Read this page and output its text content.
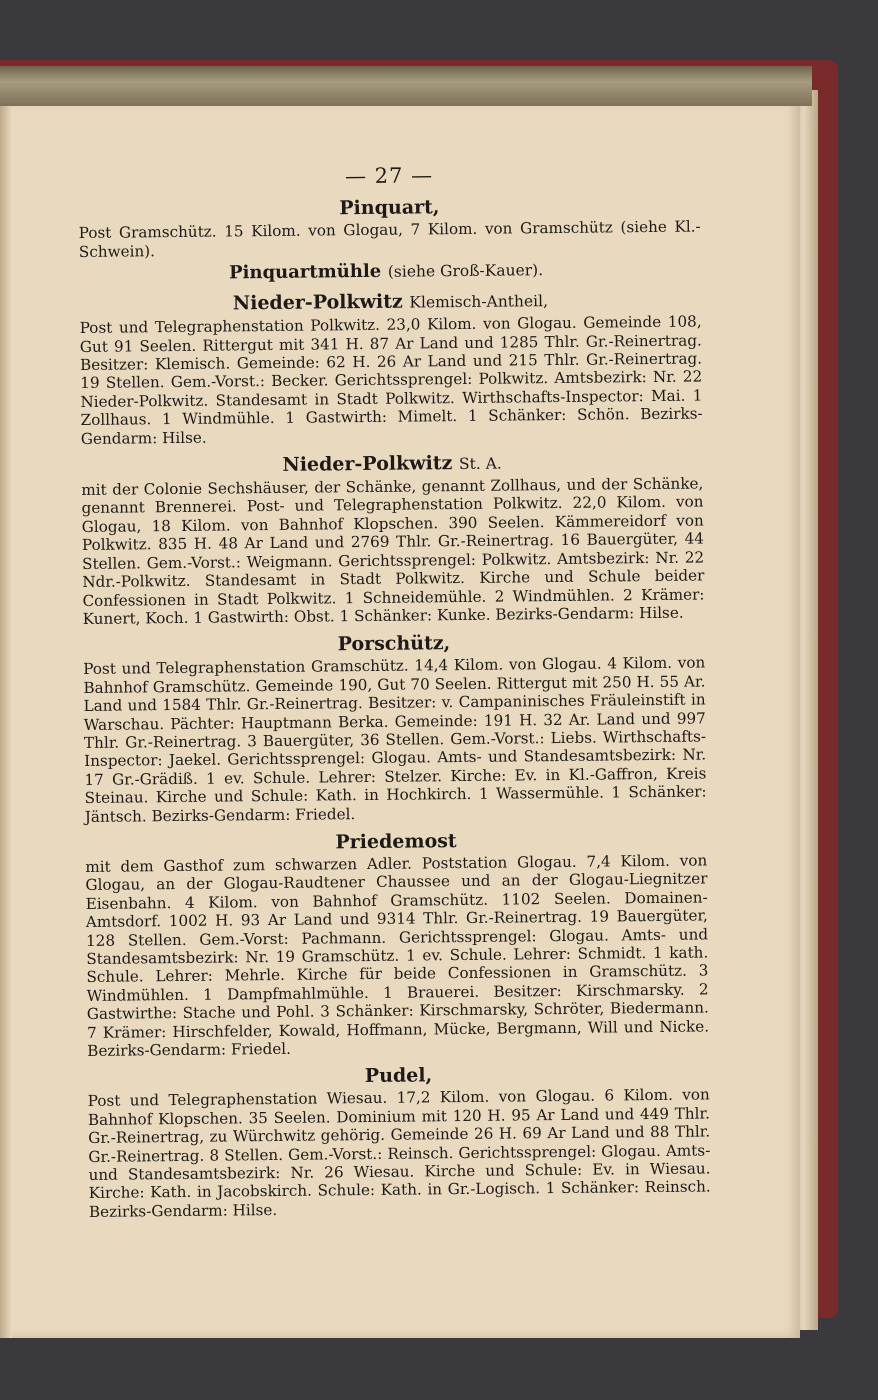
— 27 —
Pinquart,

Post Gramschütz. 15 Kilom. von Glogau, 7 Kilom. von Gramschütz (siehe Kl.-Schwein).

Pinquartmühle (siehe Groß-Kauer).
Nieder-Polkwitz Klemisch-Antheil,

Post und Telegraphenstation Polkwitz. 23,0 Kilom. von Glogau. Gemeinde 108, Gut 91 Seelen. Rittergut mit 341 H. 87 Ar Land und 1285 Thlr. Gr.-Reinertrag. Besitzer: Klemisch. Gemeinde: 62 H. 26 Ar Land und 215 Thlr. Gr.-Reinertrag. 19 Stellen. Gem.-Vorst.: Becker. Gerichtssprengel: Polkwitz. Amtsbezirk: Nr. 22 Nieder-Polkwitz. Standesamt in Stadt Polkwitz. Wirthschafts-Inspector: Mai. 1 Zollhaus. 1 Windmühle. 1 Gastwirth: Mimelt. 1 Schänker: Schön. Bezirks-Gendarm: Hilse.

Nieder-Polkwitz St. A.

mit der Colonie Sechshäuser, der Schänke, genannt Zollhaus, und der Schänke, genannt Brennerei. Post- und Telegraphenstation Polkwitz. 22,0 Kilom. von Glogau, 18 Kilom. von Bahnhof Klopschen. 390 Seelen. Kämmereidorf von Polkwitz. 835 H. 48 Ar Land und 2769 Thlr. Gr.-Reinertrag. 16 Bauergüter, 44 Stellen. Gem.-Vorst.: Weigmann. Gerichtssprengel: Polkwitz. Amtsbezirk: Nr. 22 Ndr.-Polkwitz. Standesamt in Stadt Polkwitz. Kirche und Schule beider Confessionen in Stadt Polkwitz. 1 Schneidemühle. 2 Windmühlen. 2 Krämer: Kunert, Koch. 1 Gastwirth: Obst. 1 Schänker: Kunke. Bezirks-Gendarm: Hilse.

Porschütz,

Post und Telegraphenstation Gramschütz. 14,4 Kilom. von Glogau. 4 Kilom. von Bahnhof Gramschütz. Gemeinde 190, Gut 70 Seelen. Rittergut mit 250 H. 55 Ar. Land und 1584 Thlr. Gr.-Reinertrag. Besitzer: v. Campaninisches Fräuleinstift in Warschau. Pächter: Hauptmann Berka. Gemeinde: 191 H. 32 Ar. Land und 997 Thlr. Gr.-Reinertrag. 3 Bauergüter, 36 Stellen. Gem.-Vorst.: Liebs. Wirthschafts-Inspector: Jaekel. Gerichtssprengel: Glogau. Amts- und Standesamtsbezirk: Nr. 17 Gr.-Grädiß. 1 ev. Schule. Lehrer: Stelzer. Kirche: Ev. in Kl.-Gaffron, Kreis Steinau. Kirche und Schule: Kath. in Hochkirch. 1 Wassermühle. 1 Schänker: Jäntsch. Bezirks-Gendarm: Friedel.

Priedemost

mit dem Gasthof zum schwarzen Adler. Poststation Glogau. 7,4 Kilom. von Glogau, an der Glogau-Raudtener Chaussee und an der Glogau-Liegnitzer Eisenbahn. 4 Kilom. von Bahnhof Gramschütz. 1102 Seelen. Domainen-Amtsdorf. 1002 H. 93 Ar Land und 9314 Thlr. Gr.-Reinertrag. 19 Bauergüter, 128 Stellen. Gem.-Vorst: Pachmann. Gerichtssprengel: Glogau. Amts- und Standesamtsbezirk: Nr. 19 Gramschütz. 1 ev. Schule. Lehrer: Schmidt. 1 kath. Schule. Lehrer: Mehrle. Kirche für beide Confessionen in Gramschütz. 3 Windmühlen. 1 Dampfmahlmühle. 1 Brauerei. Besitzer: Kirschmarsky. 2 Gastwirthe: Stache und Pohl. 3 Schänker: Kirschmarsky, Schröter, Biedermann. 7 Krämer: Hirschfelder, Kowald, Hoffmann, Mücke, Bergmann, Will und Nicke. Bezirks-Gendarm: Friedel.

Pudel,

Post und Telegraphenstation Wiesau. 17,2 Kilom. von Glogau. 6 Kilom. von Bahnhof Klopschen. 35 Seelen. Dominium mit 120 H. 95 Ar Land und 449 Thlr. Gr.-Reinertrag, zu Würchwitz gehörig. Gemeinde 26 H. 69 Ar Land und 88 Thlr. Gr.-Reinertrag. 8 Stellen. Gem.-Vorst.: Reinsch. Gerichtssprengel: Glogau. Amts- und Standesamtsbezirk: Nr. 26 Wiesau. Kirche und Schule: Ev. in Wiesau. Kirche: Kath. in Jacobskirch. Schule: Kath. in Gr.-Logisch. 1 Schänker: Reinsch. Bezirks-Gendarm: Hilse.
